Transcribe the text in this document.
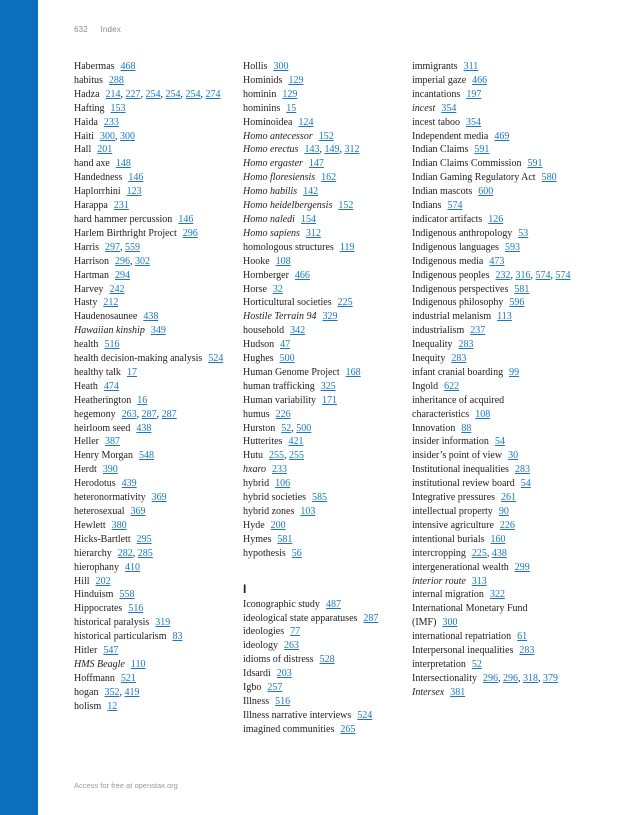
632 Index
Habermas 468
habitus 288
Hadza 214, 227, 254, 254, 254, 274
Hafting 153
Haida 233
Haiti 300, 300
Hall 201
hand axe 148
Handedness 146
Haplorrhini 123
Harappa 231
hard hammer percussion 146
Harlem Birthright Project 296
Harris 297, 559
Harrison 296, 302
Hartman 294
Harvey 242
Hasty 212
Haudenosaunee 438
Hawaiian kinship 349
health 516
health decision-making analysis 524
healthy talk 17
Heath 474
Heatherington 16
hegemony 263, 287, 287
heirloom seed 438
Heller 387
Henry Morgan 548
Herdt 390
Herodotus 439
heteronormativity 369
heterosexual 369
Hewlett 380
Hicks-Bartlett 295
hierarchy 282, 285
hierophany 410
Hill 202
Hinduism 558
Hippocrates 516
historical paralysis 319
historical particularism 83
Hitler 547
HMS Beagle 110
Hoffmann 521
hogan 352, 419
holism 12
Hollis 300
Hominids 129
hominin 129
hominins 15
Hominoidea 124
Homo antecessor 152
Homo erectus 143, 149, 312
Homo ergaster 147
Homo floresiensis 162
Homo habilis 142
Homo heidelbergensis 152
Homo naledi 154
Homo sapiens 312
homologous structures 119
Hooke 108
Hornberger 466
Horse 32
Horticultural societies 225
Hostile Terrain 94 329
household 342
Hudson 47
Hughes 500
Human Genome Project 168
human trafficking 325
Human variability 171
humus 226
Hurston 52, 500
Hutterites 421
Hutu 255, 255
hxaro 233
hybrid 106
hybrid societies 585
hybrid zones 103
Hyde 200
Hymes 581
hypothesis 56
I
Iconographic study 487
ideological state apparatuses 287
ideologies 77
ideology 263
idioms of distress 528
Idsardi 203
Igbo 257
Illness 516
Illness narrative interviews 524
imagined communities 265
immigrants 311
imperial gaze 466
incantations 197
incest 354
incest taboo 354
Independent media 469
Indian Claims 591
Indian Claims Commission 591
Indian Gaming Regulatory Act 580
Indian mascots 600
Indians 574
indicator artifacts 126
Indigenous anthropology 53
Indigenous languages 593
Indigenous media 473
Indigenous peoples 232, 316, 574, 574
Indigenous perspectives 581
Indigenous philosophy 596
industrial melanism 113
industrialism 237
Inequality 283
Inequity 283
infant cranial boarding 99
Ingold 622
inheritance of acquired characteristics 108
Innovation 88
insider information 54
insider’s point of view 30
Institutional inequalities 283
institutional review board 54
Integrative pressures 261
intellectual property 90
intensive agriculture 226
intentional burials 160
intercropping 225, 438
intergenerational wealth 299
interior route 313
internal migration 322
International Monetary Fund (IMF) 300
international repatriation 61
Interpersonal inequalities 283
interpretation 52
Intersectionality 296, 296, 318, 379
Intersex 381
Access for free at openstax.org
